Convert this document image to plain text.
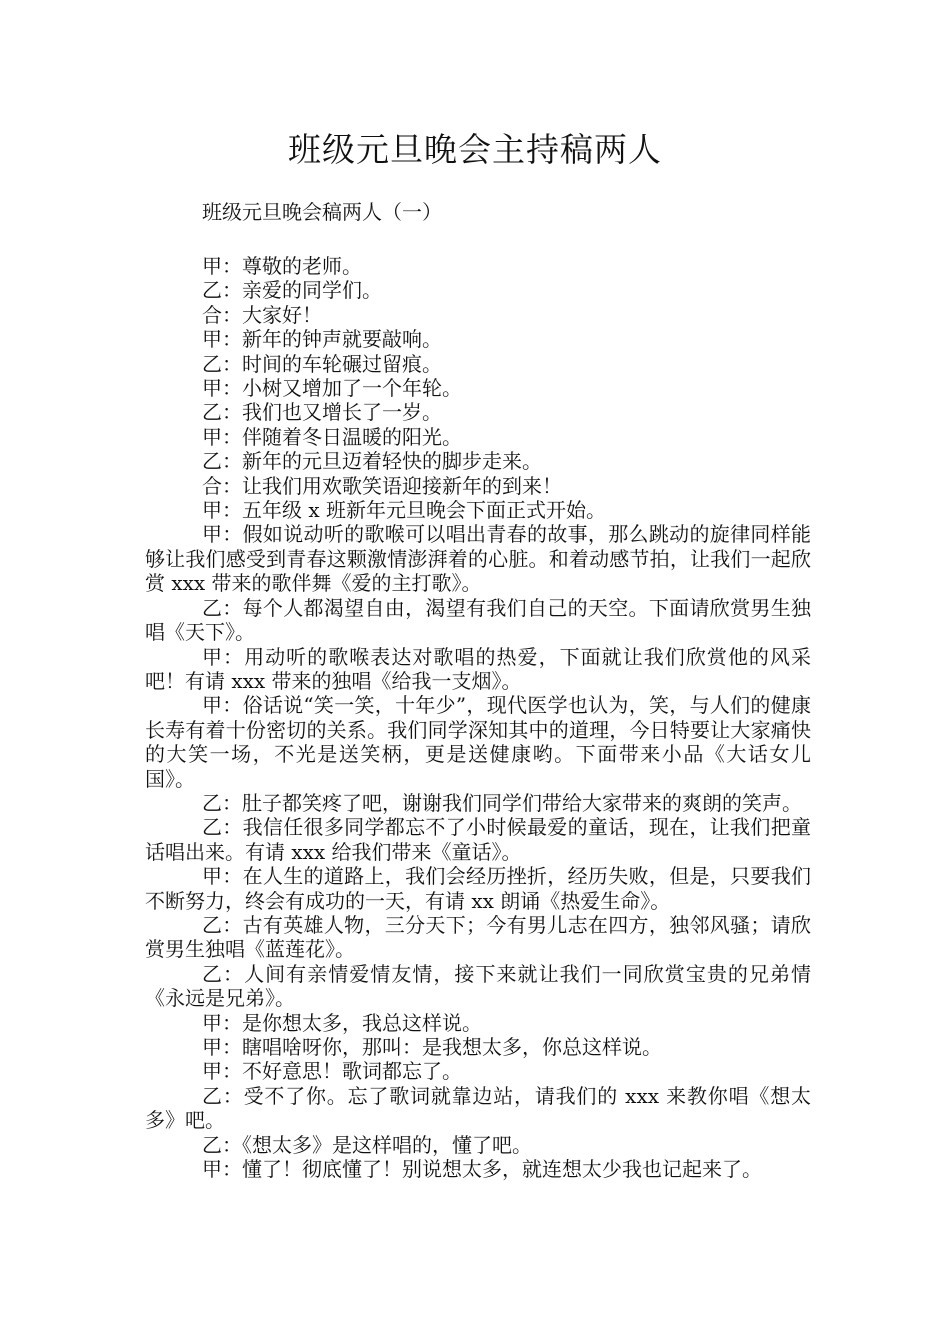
班级元旦晚会主持稿两人
班级元旦晚会稿两人（一）

甲：尊敬的老师。

乙：亲爱的同学们。

合：大家好！

甲：新年的钟声就要敲响。

乙：时间的车轮碾过留痕。

甲：小树又增加了一个年轮。

乙：我们也又增长了一岁。

甲：伴随着冬日温暖的阳光。

乙：新年的元旦迈着轻快的脚步走来。

合：让我们用欢歌笑语迎接新年的到来！

甲：五年级 x 班新年元旦晚会下面正式开始。

甲：假如说动听的歌喉可以唱出青春的故事，那么跳动的旋律同样能够让我们感受到青春这颗激情澎湃着的心脏。和着动感节拍，让我们一起欣赏 xxx 带来的歌伴舞《爱的主打歌》。

乙：每个人都渴望自由，渴望有我们自己的天空。下面请欣赏男生独唱《天下》。

甲：用动听的歌喉表达对歌唱的热爱，下面就让我们欣赏他的风采吧！有请 xxx 带来的独唱《给我一支烟》。

甲：俗话说“笑一笑，十年少”，现代医学也认为，笑，与人们的健康长寿有着十份密切的关系。我们同学深知其中的道理，今日特要让大家痛快的大笑一场，不光是送笑柄，更是送健康哟。下面带来小品《大话女儿国》。

乙：肚子都笑疼了吧，谢谢我们同学们带给大家带来的爽朗的笑声。

乙：我信任很多同学都忘不了小时候最爱的童话，现在，让我们把童话唱出来。有请 xxx 给我们带来《童话》。

甲：在人生的道路上，我们会经历挫折，经历失败，但是，只要我们不断努力，终会有成功的一天，有请 xx 朗诵《热爱生命》。

乙：古有英雄人物，三分天下；今有男儿志在四方，独邻风骚；请欣赏男生独唱《蓝莲花》。

乙：人间有亲情爱情友情，接下来就让我们一同欣赏宝贵的兄弟情《永远是兄弟》。

甲：是你想太多，我总这样说。

甲：瞎唱啥呀你，那叫：是我想太多，你总这样说。

甲：不好意思！歌词都忘了。

乙：受不了你。忘了歌词就靠边站，请我们的 xxx 来教你唱《想太多》吧。

乙：《想太多》是这样唱的，懂了吧。

甲：懂了！彻底懂了！别说想太多，就连想太少我也记起来了。
